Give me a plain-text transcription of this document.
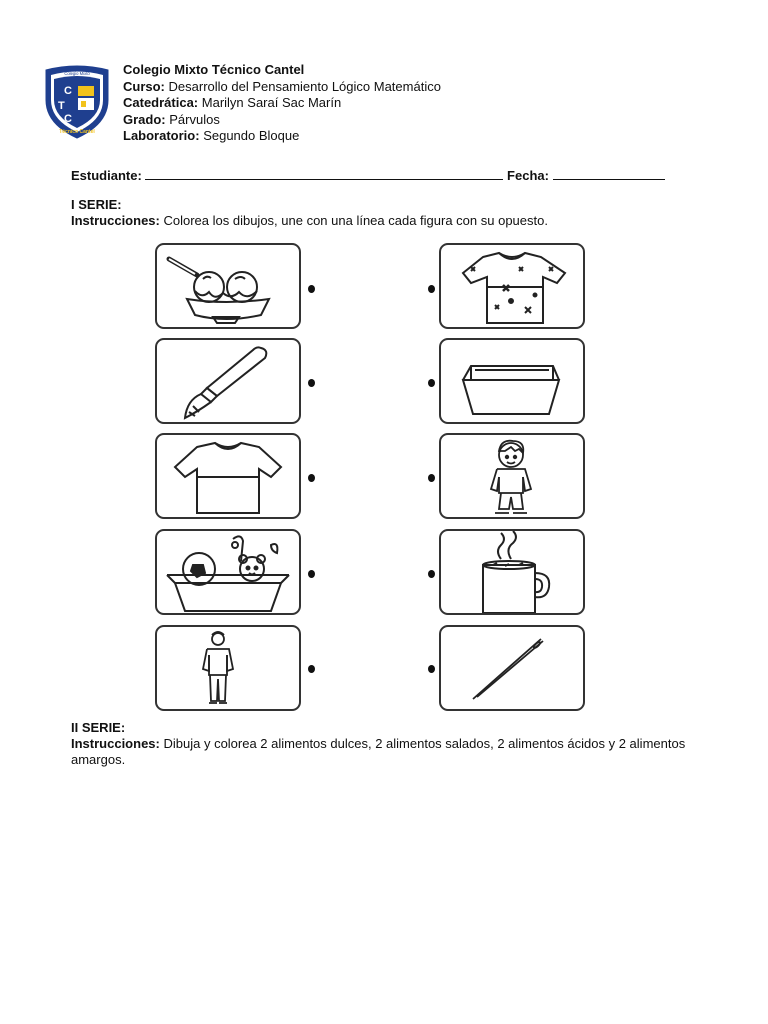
C
T
C
Colegio Mixto
Técnico Cantel
Colegio Mixto Técnico Cantel
Curso: Desarrollo del Pensamiento Lógico Matemático
Catedrática: Marilyn Saraí Sac Marín
Grado: Párvulos
Laboratorio: Segundo Bloque
Estudiante:	Fecha:
I SERIE:
Instrucciones: Colorea los dibujos, une con una línea cada figura con su opuesto.
II SERIE:
Instrucciones: Dibuja y colorea 2 alimentos dulces, 2 alimentos salados, 2 alimentos ácidos y 2 alimentos amargos.
